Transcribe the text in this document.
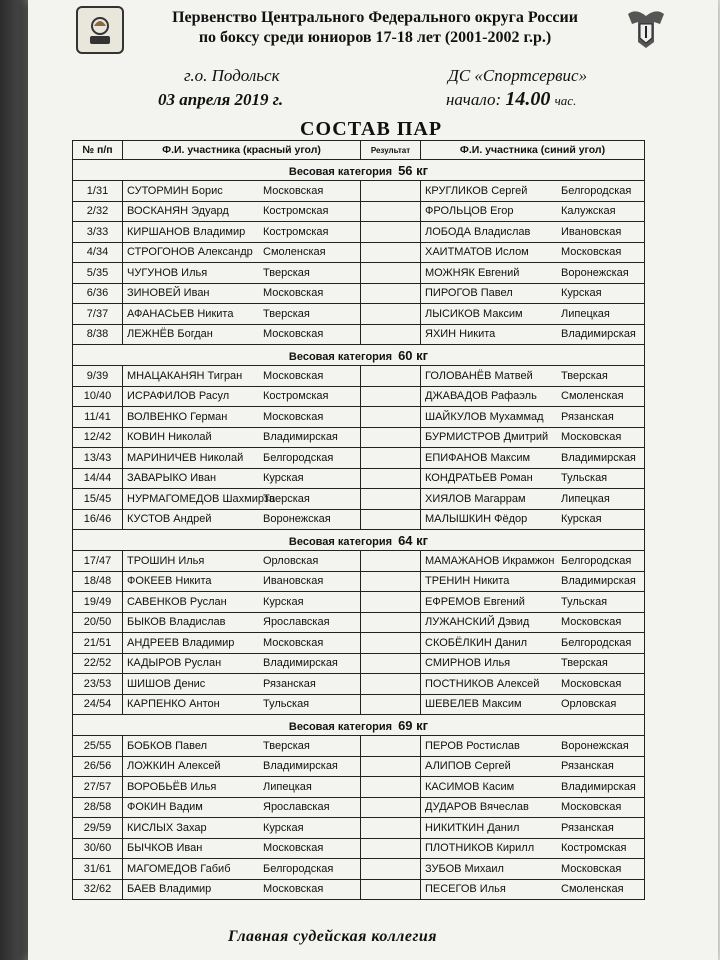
Первенство Центрального Федерального округа России
по боксу среди юниоров 17-18 лет (2001-2002 г.р.)
г.о. Подольск	ДС «Спортсервис»
03 апреля 2019 г.	начало: 14.00 час.
СОСТАВ ПАР
№ п/п	Ф.И. участника (красный угол)	Результат	Ф.И. участника (синий угол)
Весовая категория 56 кг			
1/31	СУТОРМИН Борис Московская		КРУГЛИКОВ Сергей Белгородская
2/32	ВОСКАНЯН Эдуард Костромская		ФРОЛЬЦОВ Егор Калужская
3/33	КИРШАНОВ Владимир Костромская		ЛОБОДА Владислав Ивановская
4/34	СТРОГОНОВ Александр Смоленская		ХАИТМАТОВ Ислом Московская
5/35	ЧУГУНОВ Илья Тверская		МОЖНЯК Евгений Воронежская
6/36	ЗИНОВЕЙ Иван Московская		ПИРОГОВ Павел Курская
7/37	АФАНАСЬЕВ Никита Тверская		ЛЫСИКОВ Максим Липецкая
8/38	ЛЕЖНЁВ Богдан Московская		ЯХИН Никита Владимирская
Весовая категория 60 кг			
9/39	МНАЦАКАНЯН Тигран Московская		ГОЛОВАНЁВ Матвей Тверская
10/40	ИСРАФИЛОВ Расул Костромская		ДЖАВАДОВ Рафаэль Смоленская
11/41	ВОЛВЕНКО Герман Московская		ШАЙКУЛОВ Мухаммад Рязанская
12/42	КОВИН Николай Владимирская		БУРМИСТРОВ Дмитрий Московская
13/43	МАРИНИЧЕВ Николай Белгородская		ЕПИФАНОВ Максим Владимирская
14/44	ЗАВАРЫКО Иван Курская		КОНДРАТЬЕВ Роман Тульская
15/45	НУРМАГОМЕДОВ ШахмирзаТверская		ХИЯЛОВ Магаррам Липецкая
16/46	КУСТОВ Андрей Воронежская		МАЛЫШКИН Фёдор Курская
Весовая категория 64 кг			
17/47	ТРОШИН Илья Орловская		МАМАЖАНОВ Икрамжон Белгородская
18/48	ФОКЕЕВ Никита Ивановская		ТРЕНИН Никита Владимирская
19/49	САВЕНКОВ Руслан Курская		ЕФРЕМОВ Евгений Тульская
20/50	БЫКОВ Владислав Ярославская		ЛУЖАНСКИЙ Дэвид Московская
21/51	АНДРЕЕВ Владимир Московская		СКОБЁЛКИН Данил Белгородская
22/52	КАДЫРОВ Руслан Владимирская		СМИРНОВ Илья Тверская
23/53	ШИШОВ Денис Рязанская		ПОСТНИКОВ Алексей Московская
24/54	КАРПЕНКО Антон Тульская		ШЕВЕЛЕВ Максим Орловская
Весовая категория 69 кг			
25/55	БОБКОВ Павел Тверская		ПЕРОВ Ростислав Воронежская
26/56	ЛОЖКИН Алексей Владимирская		АЛИПОВ Сергей Рязанская
27/57	ВОРОБЬЁВ Илья Липецкая		КАСИМОВ Касим Владимирская
28/58	ФОКИН Вадим Ярославская		ДУДАРОВ Вячеслав Московская
29/59	КИСЛЫХ Захар Курская		НИКИТКИН Данил Рязанская
30/60	БЫЧКОВ Иван Московская		ПЛОТНИКОВ Кирилл Костромская
31/61	МАГОМЕДОВ Габиб Белгородская		ЗУБОВ Михаил Московская
32/62	БАЕВ Владимир Московская		ПЕСЕГОВ Илья Смоленская
Главная судейская коллегия
